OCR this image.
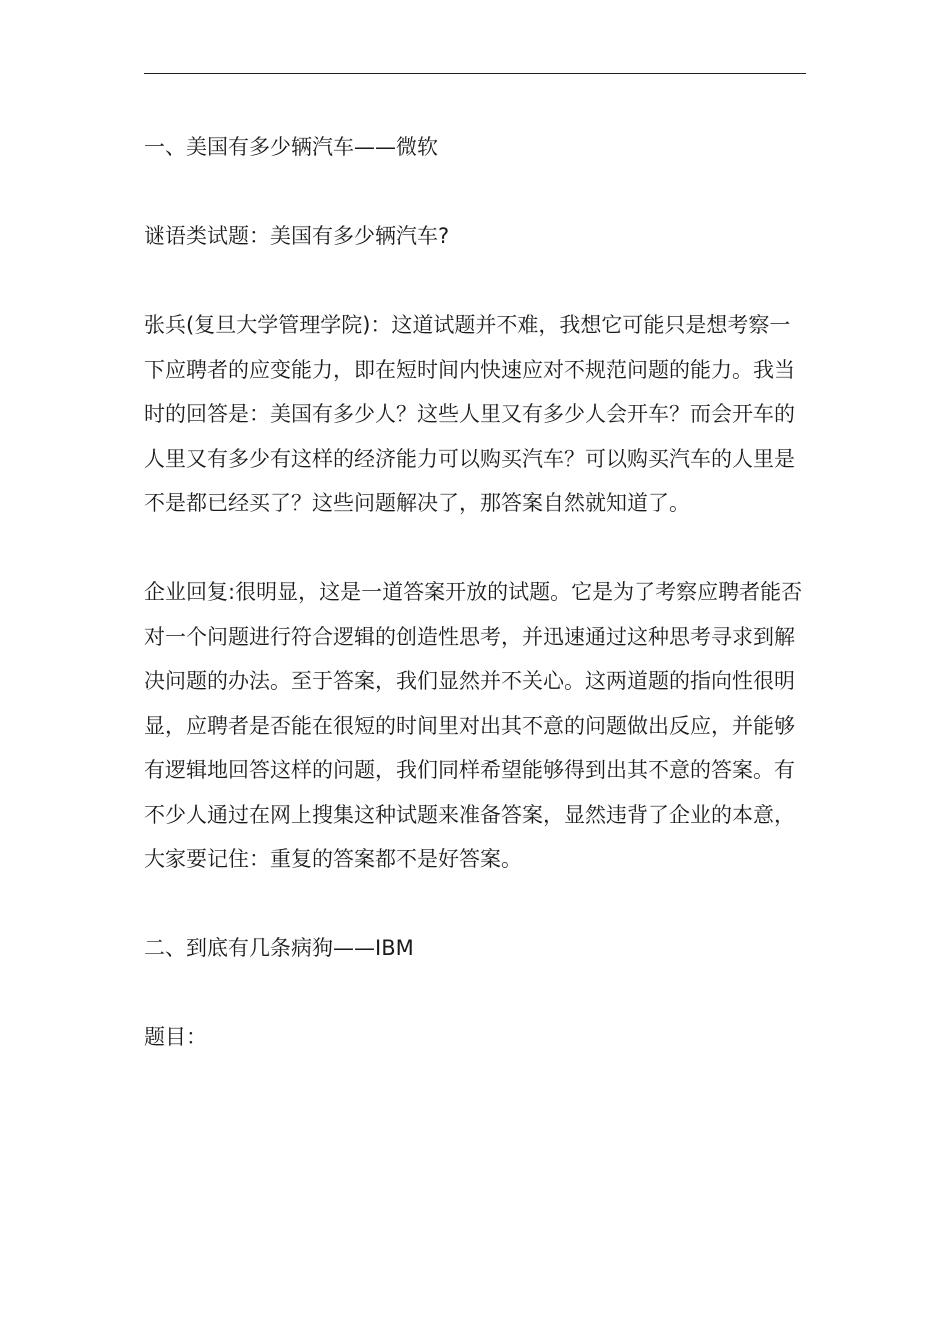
一、美国有多少辆汽车——微软

谜语类试题：美国有多少辆汽车?

张兵(复旦大学管理学院)：这道试题并不难，我想它可能只是想考察一下应聘者的应变能力，即在短时间内快速应对不规范问题的能力。我当时的回答是：美国有多少人？这些人里又有多少人会开车？而会开车的人里又有多少有这样的经济能力可以购买汽车？可以购买汽车的人里是不是都已经买了？这些问题解决了，那答案自然就知道了。

企业回复:很明显，这是一道答案开放的试题。它是为了考察应聘者能否对一个问题进行符合逻辑的创造性思考，并迅速通过这种思考寻求到解决问题的办法。至于答案，我们显然并不关心。这两道题的指向性很明显，应聘者是否能在很短的时间里对出其不意的问题做出反应，并能够有逻辑地回答这样的问题，我们同样希望能够得到出其不意的答案。有不少人通过在网上搜集这种试题来准备答案，显然违背了企业的本意，大家要记住：重复的答案都不是好答案。

二、到底有几条病狗——IBM

题目：
